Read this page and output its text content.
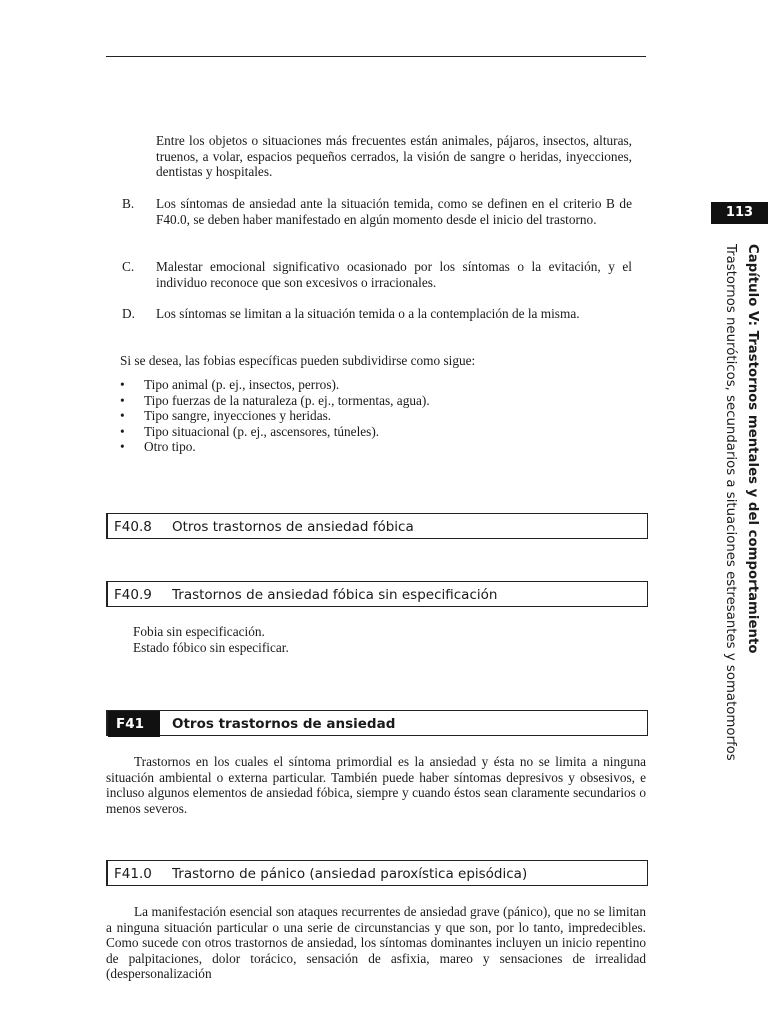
113
Capítulo V: Trastornos mentales y del comportamiento
Trastornos neuróticos, secundarios a situaciones estresantes y somatomorfos

Entre los objetos o situaciones más frecuentes están animales, pájaros, insectos, alturas, truenos, a volar, espacios pequeños cerrados, la visión de sangre o heridas, inyecciones, dentistas y hospitales.

B. Los síntomas de ansiedad ante la situación temida, como se definen en el criterio B de F40.0, se deben haber manifestado en algún momento desde el inicio del trastorno.

C. Malestar emocional significativo ocasionado por los síntomas o la evitación, y el individuo reconoce que son excesivos o irracionales.

D. Los síntomas se limitan a la situación temida o a la contemplación de la misma.

Si se desea, las fobias específicas pueden subdividirse como sigue:

• Tipo animal (p. ej., insectos, perros).
• Tipo fuerzas de la naturaleza (p. ej., tormentas, agua).
• Tipo sangre, inyecciones y heridas.
• Tipo situacional (p. ej., ascensores, túneles).
• Otro tipo.
F40.8 Otros trastornos de ansiedad fóbica
F40.9 Trastornos de ansiedad fóbica sin especificación

Fobia sin especificación.

Estado fóbico sin especificar.

F41 Otros trastornos de ansiedad

Trastornos en los cuales el síntoma primordial es la ansiedad y ésta no se limita a ninguna situación ambiental o externa particular. También puede haber síntomas depresivos y obsesivos, e incluso algunos elementos de ansiedad fóbica, siempre y cuando éstos sean claramente secundarios o menos severos.

F41.0 Trastorno de pánico (ansiedad paroxística episódica)

La manifestación esencial son ataques recurrentes de ansiedad grave (pánico), que no se limitan a ninguna situación particular o una serie de circunstancias y que son, por lo tanto, impredecibles. Como sucede con otros trastornos de ansiedad, los síntomas dominantes incluyen un inicio repentino de palpitaciones, dolor torácico, sensación de asfixia, mareo y sensaciones de irrealidad (despersonalización
